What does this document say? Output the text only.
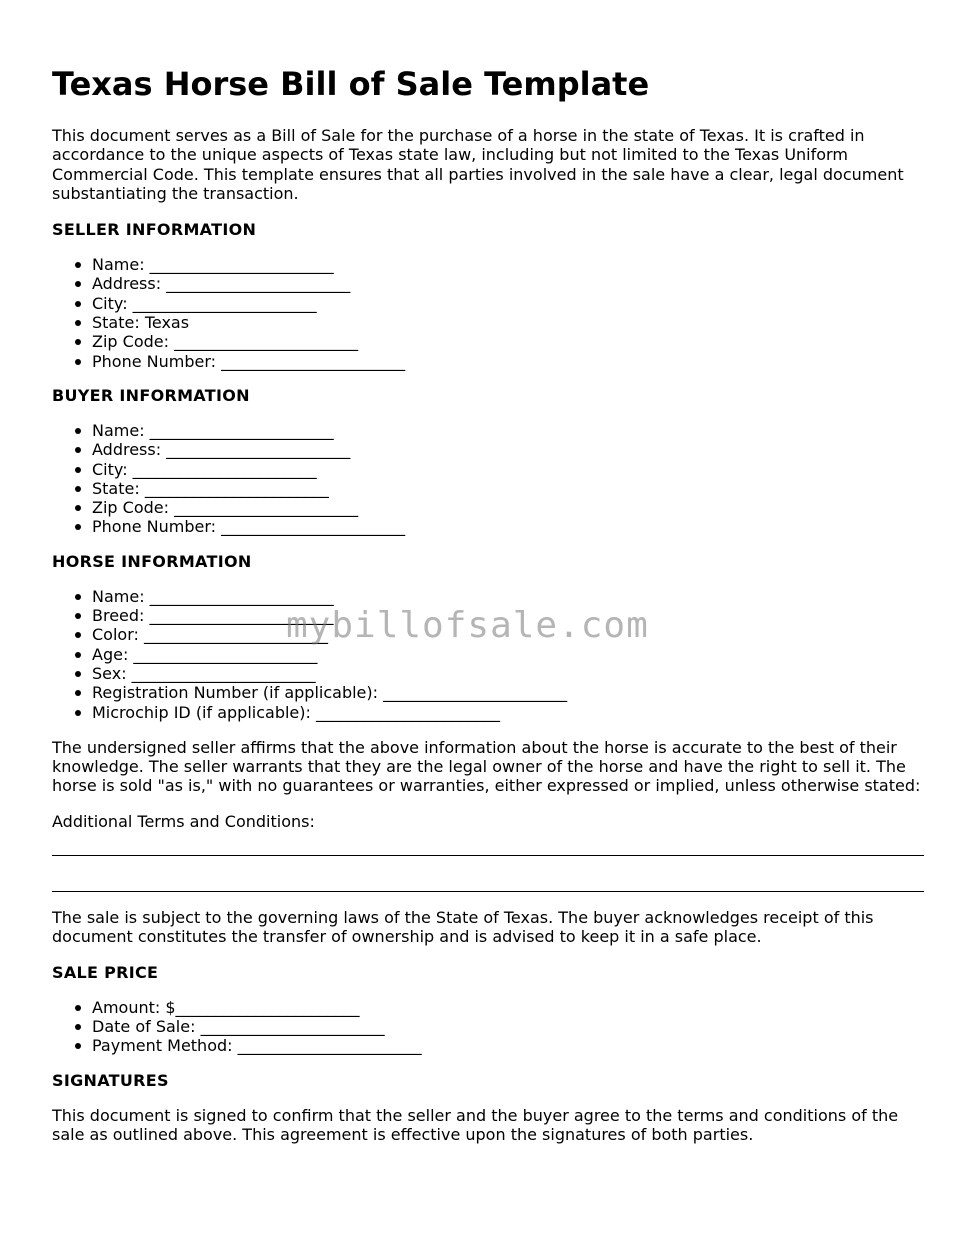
Texas Horse Bill of Sale Template

This document serves as a Bill of Sale for the purchase of a horse in the state of Texas. It is crafted in accordance to the unique aspects of Texas state law, including but not limited to the Texas Uniform Commercial Code. This template ensures that all parties involved in the sale have a clear, legal document substantiating the transaction.

SELLER INFORMATION
Name: _______________________
Address: _______________________
City: _______________________
State: Texas
Zip Code: _______________________
Phone Number: _______________________
BUYER INFORMATION
Name: _______________________
Address: _______________________
City: _______________________
State: _______________________
Zip Code: _______________________
Phone Number: _______________________
HORSE INFORMATION
Name: _______________________
Breed: _______________________
Color: _______________________
Age: _______________________
Sex: _______________________
Registration Number (if applicable): _______________________
Microchip ID (if applicable): _______________________

The undersigned seller affirms that the above information about the horse is accurate to the best of their knowledge. The seller warrants that they are the legal owner of the horse and have the right to sell it. The horse is sold "as is," with no guarantees or warranties, either expressed or implied, unless otherwise stated:

Additional Terms and Conditions:

The sale is subject to the governing laws of the State of Texas. The buyer acknowledges receipt of this document constitutes the transfer of ownership and is advised to keep it in a safe place.

SALE PRICE
Amount: $_______________________
Date of Sale: _______________________
Payment Method: _______________________
SIGNATURES

This document is signed to confirm that the seller and the buyer agree to the terms and conditions of the sale as outlined above. This agreement is effective upon the signatures of both parties.

mybillofsale.com
